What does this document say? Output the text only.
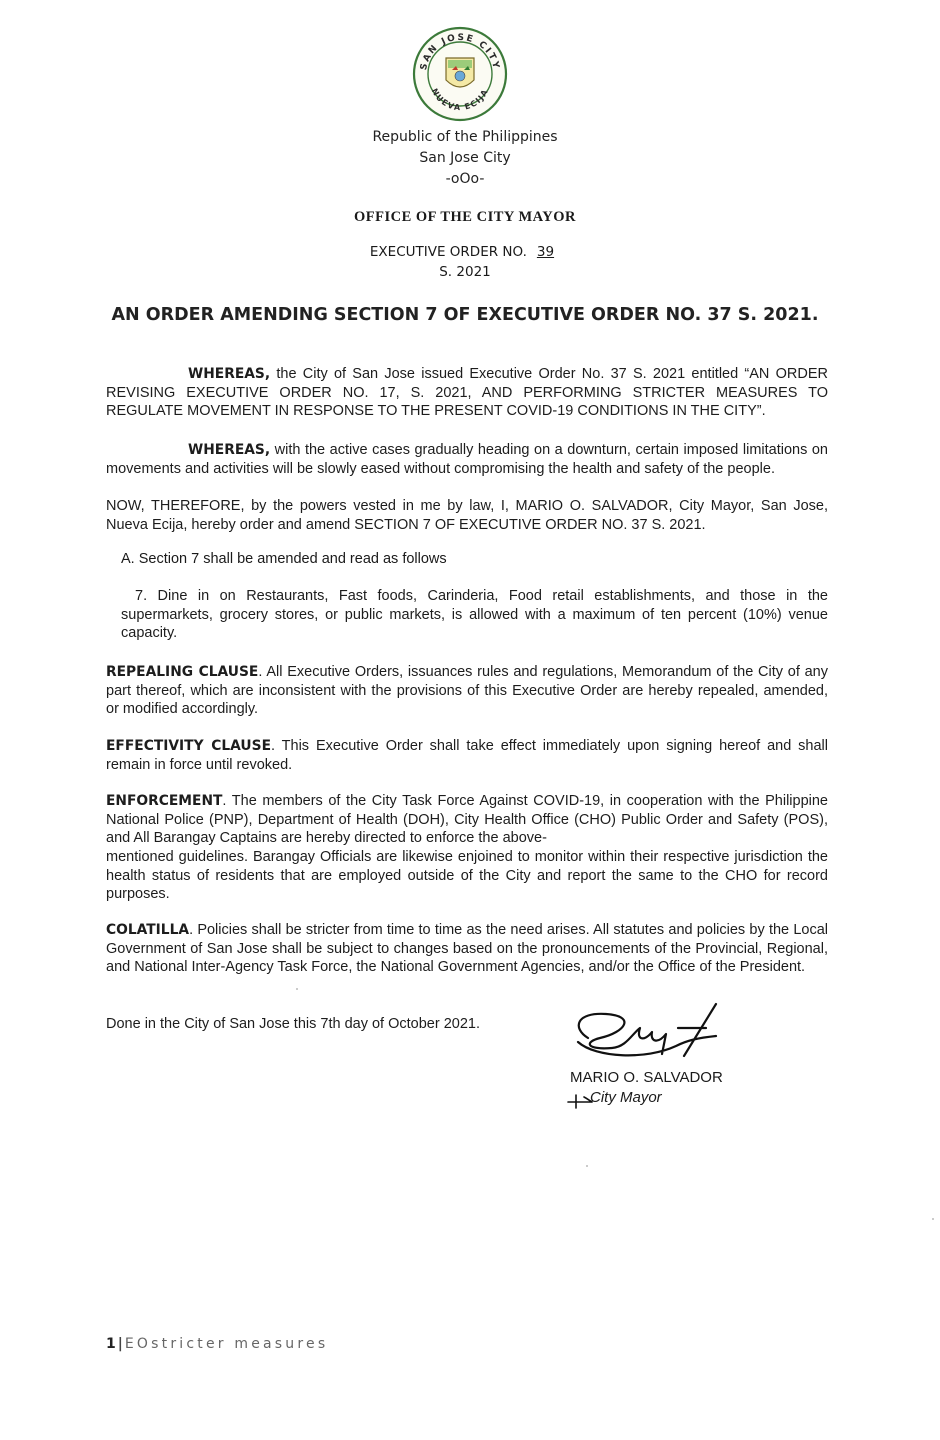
SAN JOSE CITY
NUEVA ECIJA
Republic of the Philippines
San Jose City
-oOo-
OFFICE OF THE CITY MAYOR
EXECUTIVE ORDER NO. 39
S. 2021
AN ORDER AMENDING SECTION 7 OF EXECUTIVE ORDER NO. 37 S. 2021.
WHEREAS, the City of San Jose issued Executive Order No. 37 S. 2021 entitled “AN ORDER REVISING EXECUTIVE ORDER NO. 17, S. 2021, AND PERFORMING STRICTER MEASURES TO REGULATE MOVEMENT IN RESPONSE TO THE PRESENT COVID-19 CONDITIONS IN THE CITY”.
WHEREAS, with the active cases gradually heading on a downturn, certain imposed limitations on movements and activities will be slowly eased without compromising the health and safety of the people.
NOW, THEREFORE, by the powers vested in me by law, I, MARIO O. SALVADOR, City Mayor, San Jose, Nueva Ecija, hereby order and amend SECTION 7 OF EXECUTIVE ORDER NO. 37 S. 2021.
A. Section 7 shall be amended and read as follows
7. Dine in on Restaurants, Fast foods, Carinderia, Food retail establishments, and those in the supermarkets, grocery stores, or public markets, is allowed with a maximum of ten percent (10%) venue capacity.
REPEALING CLAUSE. All Executive Orders, issuances rules and regulations, Memorandum of the City of any part thereof, which are inconsistent with the provisions of this Executive Order are hereby repealed, amended, or modified accordingly.
EFFECTIVITY CLAUSE. This Executive Order shall take effect immediately upon signing hereof and shall remain in force until revoked.
ENFORCEMENT. The members of the City Task Force Against COVID-19, in cooperation with the Philippine National Police (PNP), Department of Health (DOH), City Health Office (CHO) Public Order and Safety (POS), and All Barangay Captains are hereby directed to enforce the above-
mentioned guidelines. Barangay Officials are likewise enjoined to monitor within their respective jurisdiction the health status of residents that are employed outside of the City and report the same to the CHO for record purposes.
COLATILLA. Policies shall be stricter from time to time as the need arises. All statutes and policies by the Local Government of San Jose shall be subject to changes based on the pronouncements of the Provincial, Regional, and National Inter-Agency Task Force, the National Government Agencies, and/or the Office of the President.
Done in the City of San Jose this 7th day of October 2021.
MARIO O. SALVADOR
City Mayor
1 | EOstricter measures
